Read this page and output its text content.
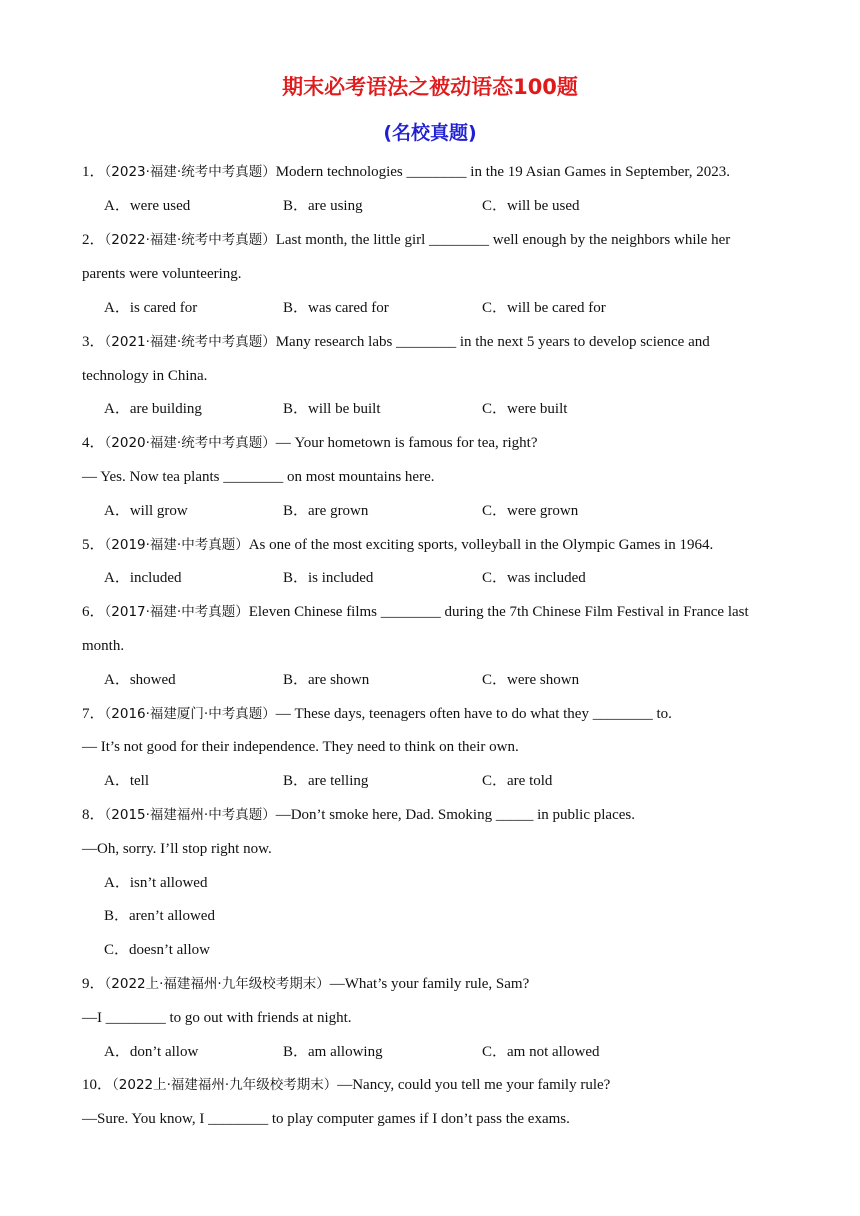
期末必考语法之被动语态100题
(名校真题)
1．（2023·福建·统考中考真题）Modern technologies ________ in the 19 Asian Games in September, 2023.
A．were used	B．are using	C．will be used
2．（2022·福建·统考中考真题）Last month, the little girl ________ well enough by the neighbors while her
parents were volunteering.
A．is cared for	B．was cared for	C．will be cared for
3．（2021·福建·统考中考真题）Many research labs ________ in the next 5 years to develop science and
technology in China.
A．are building	B．will be built	C．were built
4．（2020·福建·统考中考真题）— Your hometown is famous for tea, right?
— Yes. Now tea plants ________ on most mountains here.
A．will grow	B．are grown	C．were grown
5．（2019·福建·中考真题）As one of the most exciting sports, volleyball in the Olympic Games in 1964.
A．included	B．is included	C．was included
6．（2017·福建·中考真题）Eleven Chinese films ________ during the 7th Chinese Film Festival in France last
month.
A．showed	B．are shown	C．were shown
7．（2016·福建厦门·中考真题）— These days, teenagers often have to do what they ________ to.
— It’s not good for their independence. They need to think on their own.
A．tell	B．are telling	C．are told
8．（2015·福建福州·中考真题）—Don’t smoke here, Dad. Smoking _____ in public places.
—Oh, sorry. I’ll stop right now.
A．isn’t allowed
B．aren’t allowed
C．doesn’t allow
9．（2022上·福建福州·九年级校考期末）—What’s your family rule, Sam?
—I ________ to go out with friends at night.
A．don’t allow	B．am allowing	C．am not allowed
10．（2022上·福建福州·九年级校考期末）—Nancy, could you tell me your family rule?
—Sure. You know, I ________ to play computer games if I don’t pass the exams.
